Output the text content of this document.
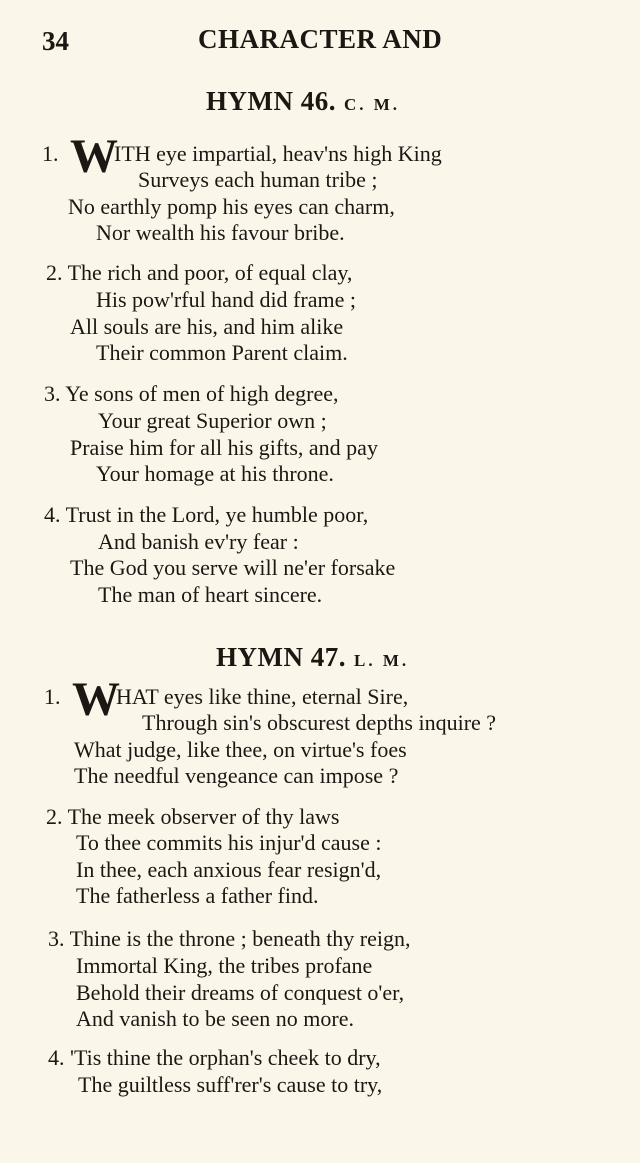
34	CHARACTER AND
HYMN 46. C. M.
1. W
ITH eye impartial, heav'ns high King
Surveys each human tribe ;
No earthly pomp his eyes can charm,
Nor wealth his favour bribe.
2. The rich and poor, of equal clay,
His pow'rful hand did frame ;
All souls are his, and him alike
Their common Parent claim.
3. Ye sons of men of high degree,
Your great Superior own ;
Praise him for all his gifts, and pay
Your homage at his throne.
4. Trust in the Lord, ye humble poor,
And banish ev'ry fear :
The God you serve will ne'er forsake
The man of heart sincere.
HYMN 47. L. M.
1. W
HAT eyes like thine, eternal Sire,
Through sin's obscurest depths inquire ?
What judge, like thee, on virtue's foes
The needful vengeance can impose ?
2. The meek observer of thy laws
To thee commits his injur'd cause :
In thee, each anxious fear resign'd,
The fatherless a father find.
3. Thine is the throne ; beneath thy reign,
Immortal King, the tribes profane
Behold their dreams of conquest o'er,
And vanish to be seen no more.
4. 'Tis thine the orphan's cheek to dry,
The guiltless suff'rer's cause to try,
